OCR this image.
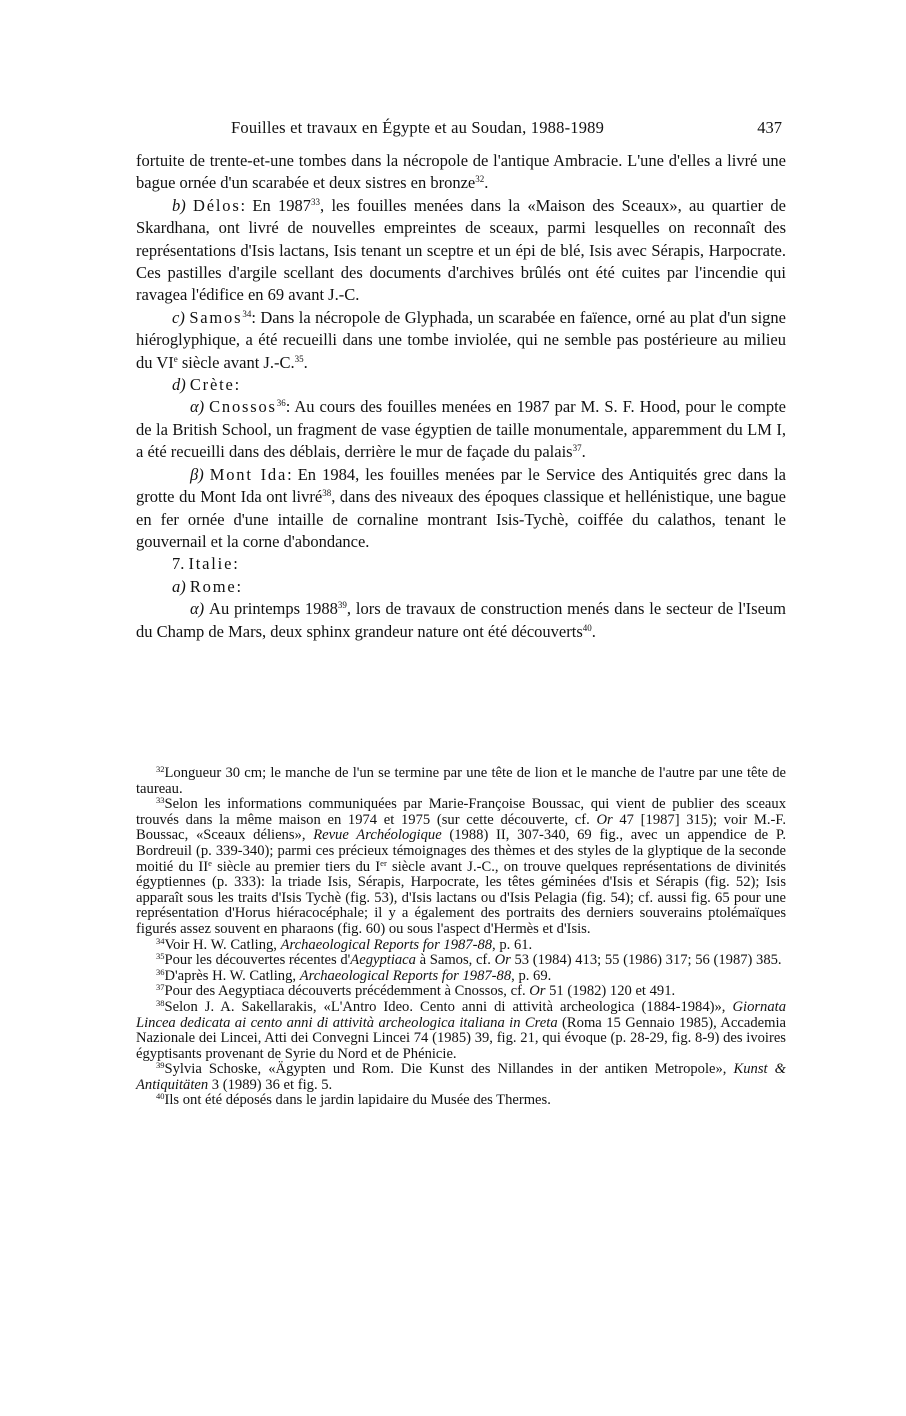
Fouilles et travaux en Égypte et au Soudan, 1988-1989	437

fortuite de trente-et-une tombes dans la nécropole de l'antique Ambracie. L'une d'elles a livré une bague ornée d'un scarabée et deux sistres en bronze$^{32}$.

b) Délos: En 1987$^{33}$, les fouilles menées dans la «Maison des Sceaux», au quartier de Skardhana, ont livré de nouvelles empreintes de sceaux, parmi lesquelles on reconnaît des représentations d'Isis lactans, Isis tenant un sceptre et un épi de blé, Isis avec Sérapis, Harpocrate. Ces pastilles d'argile scellant des documents d'archives brûlés ont été cuites par l'incendie qui ravagea l'édifice en 69 avant J.-C.

c) Samos$^{34}$: Dans la nécropole de Glyphada, un scarabée en faïence, orné au plat d'un signe hiéroglyphique, a été recueilli dans une tombe inviolée, qui ne semble pas postérieure au milieu du VIe siècle avant J.-C.$^{35}$.

d) Crète:

α) Cnossos$^{36}$: Au cours des fouilles menées en 1987 par M. S. F. Hood, pour le compte de la British School, un fragment de vase égyptien de taille monumentale, apparemment du LM I, a été recueilli dans des déblais, derrière le mur de façade du palais$^{37}$.

β) Mont Ida: En 1984, les fouilles menées par le Service des Antiquités grec dans la grotte du Mont Ida ont livré$^{38}$, dans des niveaux des époques classique et hellénistique, une bague en fer ornée d'une intaille de cornaline montrant Isis-Tychè, coiffée du calathos, tenant le gouvernail et la corne d'abondance.

7. Italie:

a) Rome:

α) Au printemps 1988$^{39}$, lors de travaux de construction menés dans le secteur de l'Iseum du Champ de Mars, deux sphinx grandeur nature ont été découverts$^{40}$.

$^{32}$Longueur 30 cm; le manche de l'un se termine par une tête de lion et le manche de l'autre par une tête de taureau.

$^{33}$Selon les informations communiquées par Marie-Françoise Boussac, qui vient de publier des sceaux trouvés dans la même maison en 1974 et 1975 (sur cette découverte, cf. Or 47 [1987] 315); voir M.-F. Boussac, «Sceaux déliens», Revue Archéologique (1988) II, 307-340, 69 fig., avec un appendice de P. Bordreuil (p. 339-340); parmi ces précieux témoignages des thèmes et des styles de la glyptique de la seconde moitié du IIe siècle au premier tiers du Ier siècle avant J.-C., on trouve quelques représentations de divinités égyptiennes (p. 333): la triade Isis, Sérapis, Harpocrate, les têtes géminées d'Isis et Sérapis (fig. 52); Isis apparaît sous les traits d'Isis Tychè (fig. 53), d'Isis lactans ou d'Isis Pelagia (fig. 54); cf. aussi fig. 65 pour une représentation d'Horus hiéracocéphale; il y a également des portraits des derniers souverains ptolémaïques figurés assez souvent en pharaons (fig. 60) ou sous l'aspect d'Hermès et d'Isis.

$^{34}$Voir H. W. Catling, Archaeological Reports for 1987-88, p. 61.

$^{35}$Pour les découvertes récentes d'Aegyptiaca à Samos, cf. Or 53 (1984) 413; 55 (1986) 317; 56 (1987) 385.

$^{36}$D'après H. W. Catling, Archaeological Reports for 1987-88, p. 69.

$^{37}$Pour des Aegyptiaca découverts précédemment à Cnossos, cf. Or 51 (1982) 120 et 491.

$^{38}$Selon J. A. Sakellarakis, «L'Antro Ideo. Cento anni di attività archeologica (1884-1984)», Giornata Lincea dedicata ai cento anni di attività archeologica italiana in Creta (Roma 15 Gennaio 1985), Accademia Nazionale dei Lincei, Atti dei Convegni Lincei 74 (1985) 39, fig. 21, qui évoque (p. 28-29, fig. 8-9) des ivoires égyptisants provenant de Syrie du Nord et de Phénicie.

$^{39}$Sylvia Schoske, «Ägypten und Rom. Die Kunst des Nillandes in der antiken Metropole», Kunst & Antiquitäten 3 (1989) 36 et fig. 5.

$^{40}$Ils ont été déposés dans le jardin lapidaire du Musée des Thermes.
